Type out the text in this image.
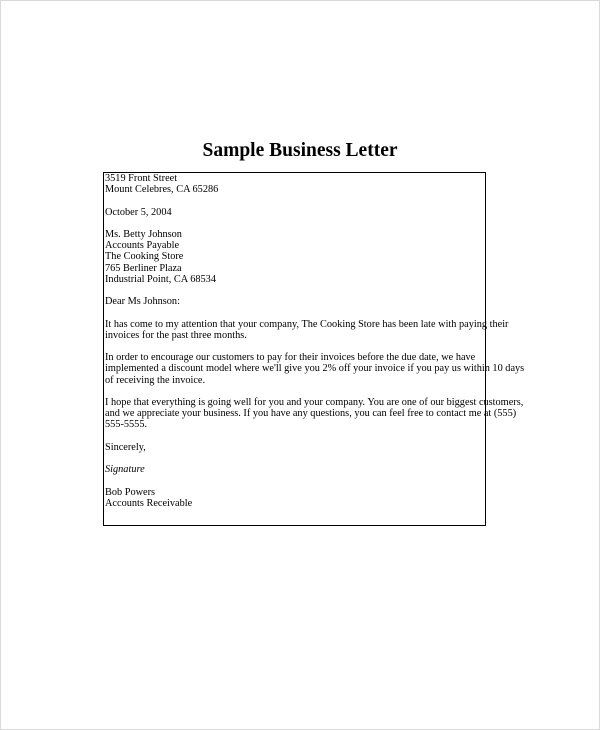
Sample Business Letter
3519 Front Street
Mount Celebres, CA 65286
October 5, 2004
Ms. Betty Johnson
Accounts Payable
The Cooking Store
765 Berliner Plaza
Industrial Point, CA 68534
Dear Ms Johnson:
It has come to my attention that your company, The Cooking Store has been late with paying their
invoices for the past three months.
In order to encourage our customers to pay for their invoices before the due date, we have
implemented a discount model where we'll give you 2% off your invoice if you pay us within 10 days
of receiving the invoice.
I hope that everything is going well for you and your company. You are one of our biggest customers,
and we appreciate your business. If you have any questions, you can feel free to contact me at (555)
555-5555.
Sincerely,
Signature
Bob Powers
Accounts Receivable
